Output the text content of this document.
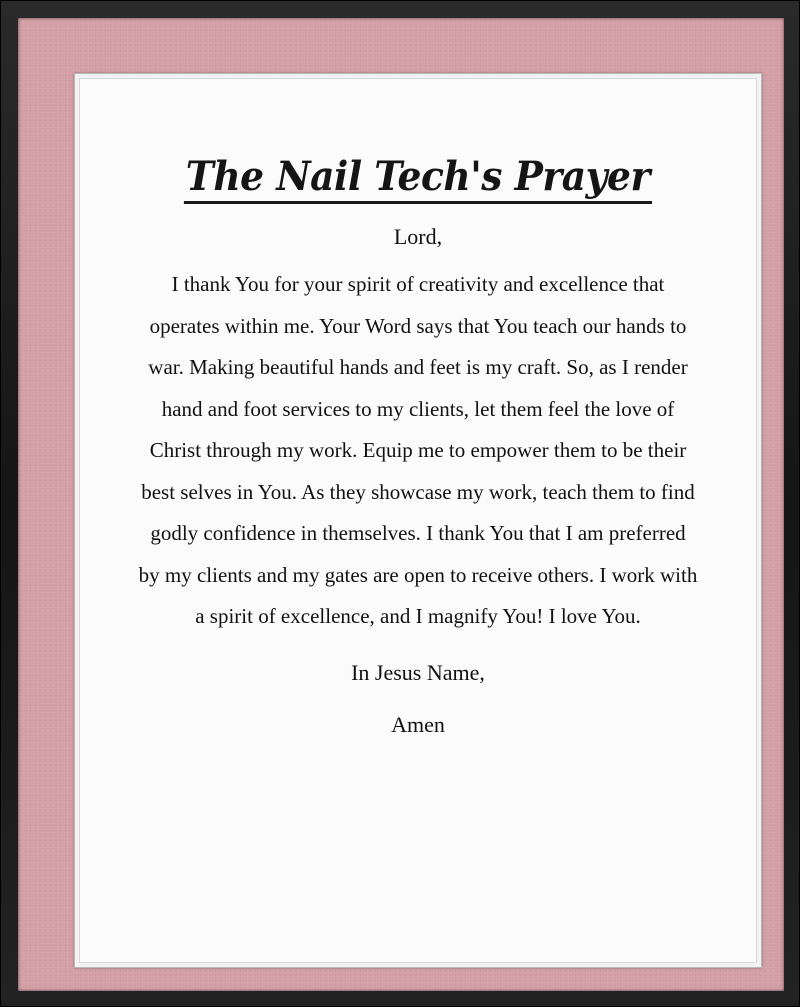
The Nail Tech's Prayer
Lord,
I thank You for your spirit of creativity and excellence that operates within me. Your Word says that You teach our hands to war. Making beautiful hands and feet is my craft. So, as I render hand and foot services to my clients, let them feel the love of Christ through my work. Equip me to empower them to be their best selves in You. As they showcase my work, teach them to find godly confidence in themselves. I thank You that I am preferred by my clients and my gates are open to receive others. I work with a spirit of excellence, and I magnify You! I love You.
In Jesus Name,
Amen
